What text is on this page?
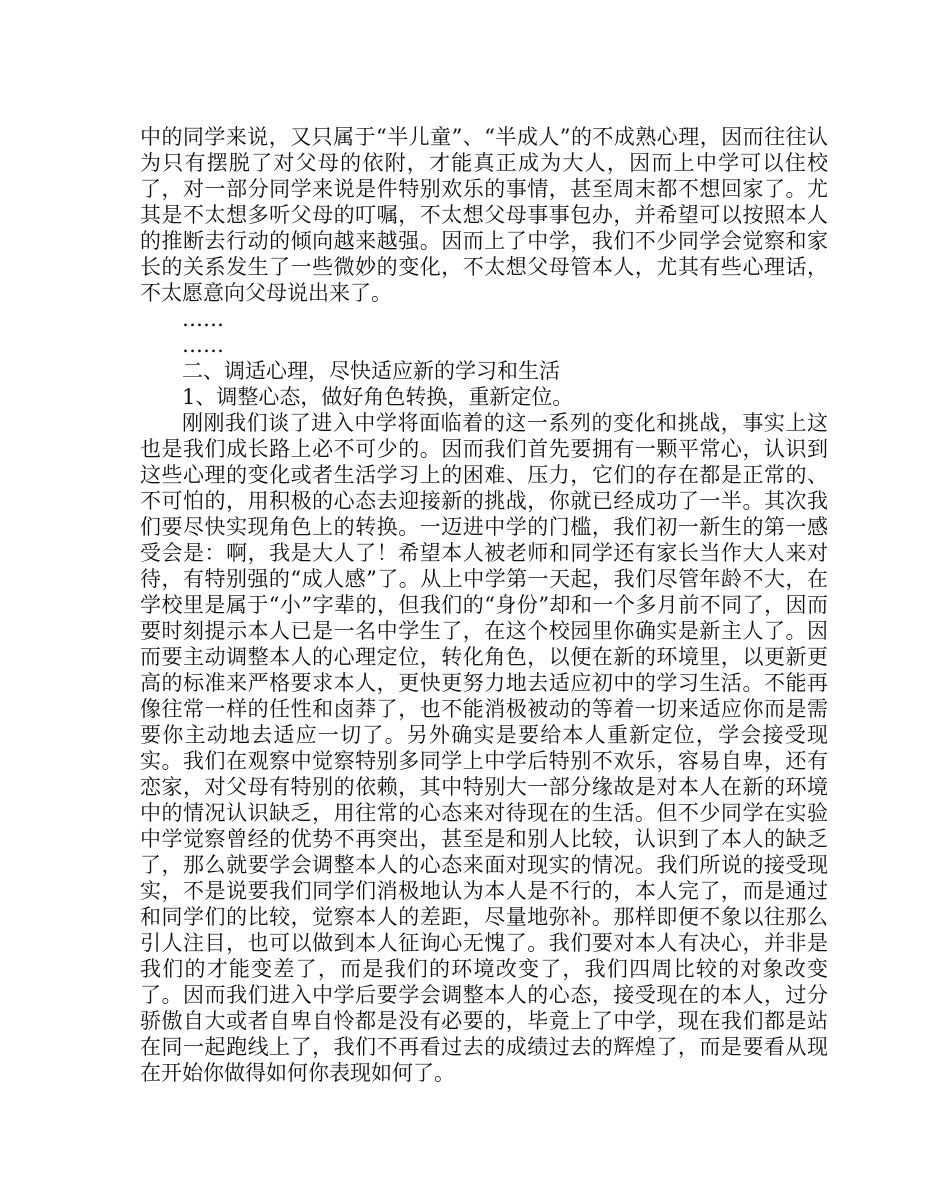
中的同学来说，又只属于“半儿童”、“半成人”的不成熟心理，因而往往认为只有摆脱了对父母的依附，才能真正成为大人，因而上中学可以住校了，对一部分同学来说是件特别欢乐的事情，甚至周末都不想回家了。尤其是不太想多听父母的叮嘱，不太想父母事事包办，并希望可以按照本人的推断去行动的倾向越来越强。因而上了中学，我们不少同学会觉察和家长的关系发生了一些微妙的变化，不太想父母管本人，尤其有些心理话，不太愿意向父母说出来了。

……

……

二、调适心理，尽快适应新的学习和生活

1、调整心态，做好角色转换，重新定位。

刚刚我们谈了进入中学将面临着的这一系列的变化和挑战，事实上这也是我们成长路上必不可少的。因而我们首先要拥有一颗平常心，认识到这些心理的变化或者生活学习上的困难、压力，它们的存在都是正常的、不可怕的，用积极的心态去迎接新的挑战，你就已经成功了一半。其次我们要尽快实现角色上的转换。一迈进中学的门槛，我们初一新生的第一感受会是：啊，我是大人了！希望本人被老师和同学还有家长当作大人来对待，有特别强的“成人感”了。从上中学第一天起，我们尽管年龄不大，在学校里是属于“小”字辈的，但我们的“身份”却和一个多月前不同了，因而要时刻提示本人已是一名中学生了，在这个校园里你确实是新主人了。因而要主动调整本人的心理定位，转化角色，以便在新的环境里，以更新更高的标准来严格要求本人，更快更努力地去适应初中的学习生活。不能再像往常一样的任性和卤莽了，也不能消极被动的等着一切来适应你而是需要你主动地去适应一切了。另外确实是要给本人重新定位，学会接受现实。我们在观察中觉察特别多同学上中学后特别不欢乐，容易自卑，还有恋家，对父母有特别的依赖，其中特别大一部分缘故是对本人在新的环境中的情况认识缺乏，用往常的心态来对待现在的生活。但不少同学在实验中学觉察曾经的优势不再突出，甚至是和别人比较，认识到了本人的缺乏了，那么就要学会调整本人的心态来面对现实的情况。我们所说的接受现实，不是说要我们同学们消极地认为本人是不行的，本人完了，而是通过和同学们的比较，觉察本人的差距，尽量地弥补。那样即便不象以往那么引人注目，也可以做到本人征询心无愧了。我们要对本人有决心，并非是我们的才能变差了，而是我们的环境改变了，我们四周比较的对象改变了。因而我们进入中学后要学会调整本人的心态，接受现在的本人，过分骄傲自大或者自卑自怜都是没有必要的，毕竟上了中学，现在我们都是站在同一起跑线上了，我们不再看过去的成绩过去的辉煌了，而是要看从现在开始你做得如何你表现如何了。
